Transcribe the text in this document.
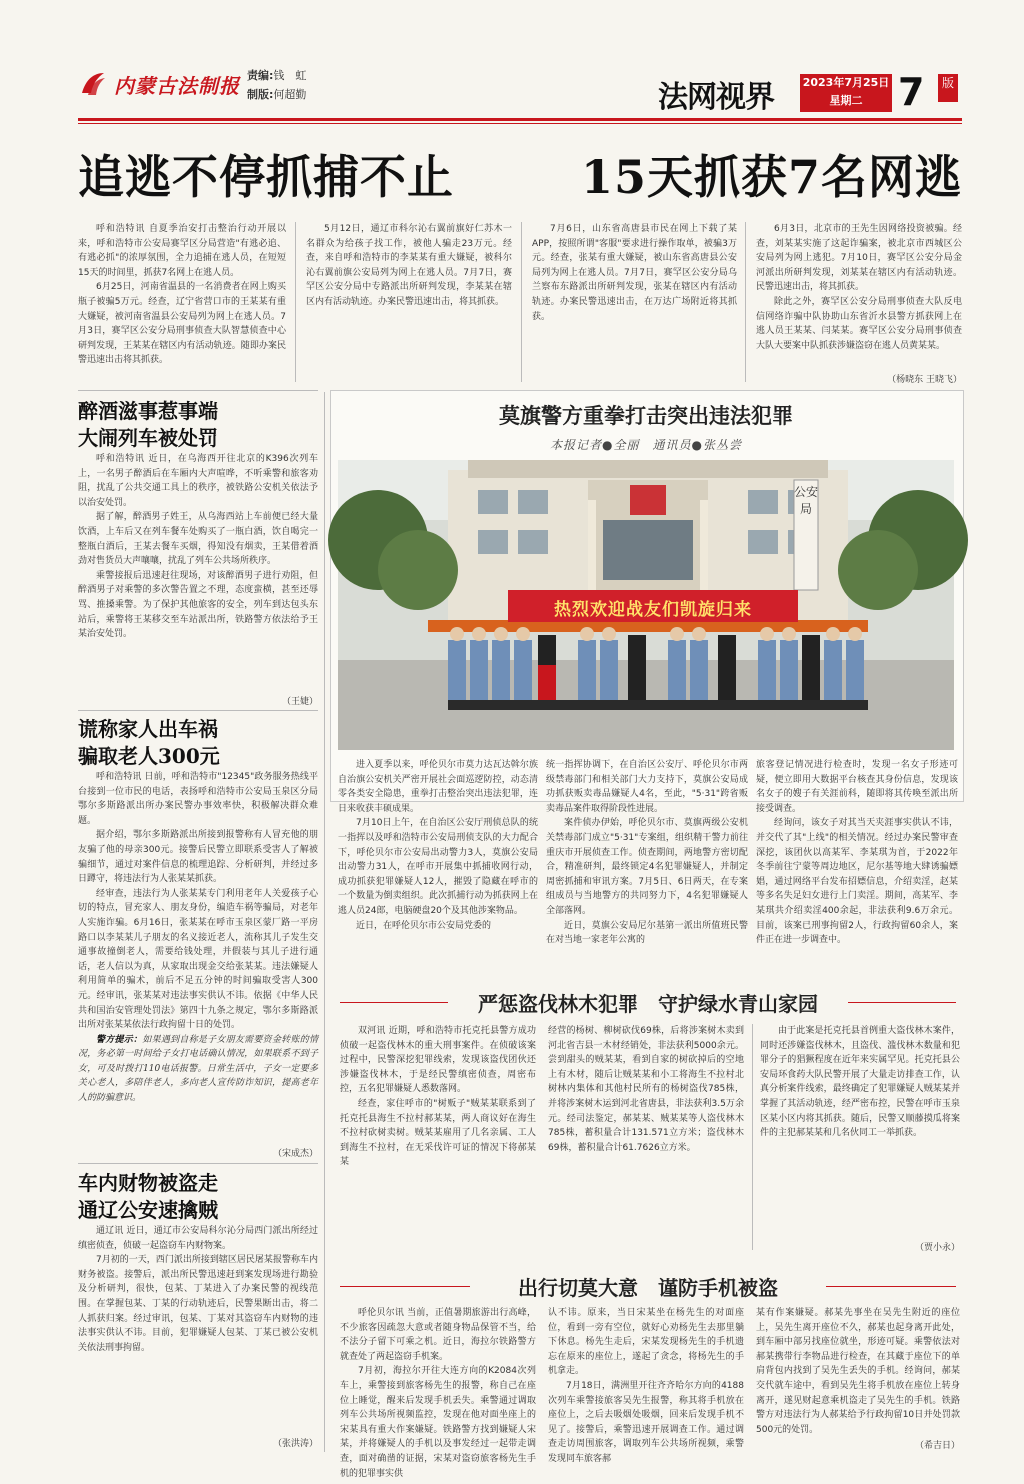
内蒙古法制报 责编:钱　虹
制版:何超勤	法网视界	2023年7月25日
星期二 7	版
追逃不停抓捕不止	15天抓获7名网逃

呼和浩特讯 自夏季治安打击整治行动开展以来，呼和浩特市公安局赛罕区分局营造"有逃必追、有逃必抓"的浓厚氛围，全力追捕在逃人员，在短短15天的时间里，抓获7名网上在逃人员。

6月25日，河南省温县的一名消费者在网上购买瓶子被骗5万元。经查，辽宁省营口市的王某某有重大嫌疑，被河南省温县公安局列为网上在逃人员。7月3日，赛罕区公安分局刑事侦查大队智慧侦查中心研判发现，王某某在辖区内有活动轨迹。随即办案民警迅速出击将其抓获。

5月12日，通辽市科尔沁右翼前旗好仁苏木一名群众为给孩子找工作，被他人骗走23万元。经查，来自呼和浩特市的李某某有重大嫌疑，被科尔沁右翼前旗公安局列为网上在逃人员。7月7日，赛罕区公安分局中专路派出所研判发现，李某某在辖区内有活动轨迹。办案民警迅速出击，将其抓获。

7月6日，山东省高唐县市民在网上下载了某APP，按照所谓"客服"要求进行操作取单，被骗3万元。经查，张某有重大嫌疑，被山东省高唐县公安局列为网上在逃人员。7月7日，赛罕区公安分局乌兰察布东路派出所研判发现，张某在辖区内有活动轨迹。办案民警迅速出击，在万达广场附近将其抓获。

6月3日，北京市的王先生因网络投资被骗。经查，刘某某实施了这起诈骗案，被北京市西城区公安局列为网上逃犯。7月10日，赛罕区公安分局金河派出所研判发现，刘某某在辖区内有活动轨迹。民警迅速出击，将其抓获。

除此之外，赛罕区公安分局刑事侦查大队反电信网络诈骗中队协助山东省沂水县警方抓获网上在逃人员王某某、闫某某。赛罕区公安分局刑事侦查大队大要案中队抓获涉嫌盗窃在逃人员黄某某。

（杨晓东 王晓飞）
醉酒滋事惹事端
大闹列车被处罚

呼和浩特讯 近日，在乌海西开往北京的K396次列车上，一名男子醉酒后在车厢内大声喧哗，不听乘警和旅客劝阻，扰乱了公共交通工具上的秩序，被铁路公安机关依法予以治安处罚。

据了解，醉酒男子姓王，从乌海西站上车前便已经大量饮酒，上车后又在列车餐车处购买了一瓶白酒，饮自喝完一整瓶白酒后，王某去餐车买烟，得知没有烟卖，王某借着酒劲对售货员大声嚷嚷，扰乱了列车公共场所秩序。

乘警接报后迅速赶往现场，对该醉酒男子进行劝阻，但醉酒男子对乘警的多次警告置之不理，态度蛮横，甚至还辱骂、推搡乘警。为了保护其他旅客的安全，列车到达包头东站后，乘警将王某移交至车站派出所，铁路警方依法给予王某治安处罚。

（王婕）
谎称家人出车祸
骗取老人300元

呼和浩特讯 日前，呼和浩特市"12345"政务服务热线平台接到一位市民的电话，表扬呼和浩特市公安局玉泉区分局鄂尔多斯路派出所办案民警办事效率快，积极解决群众难题。

据介绍，鄂尔多斯路派出所接到报警称有人冒充他的朋友骗了他的母亲300元。接警后民警立即联系受害人了解被骗细节，通过对案件信息的梳理追踪、分析研判，并经过多日蹲守，将违法行为人张某某抓获。

经审查，违法行为人张某某专门利用老年人关爱孩子心切的特点，冒充家人、朋友身份，编造车祸等骗局，对老年人实施诈骗。6月16日，张某某在呼市玉泉区蒙厂路一平房路口以李某某儿子朋友的名义接近老人，流称其儿子发生交通事故撞倒老人，需要给钱处理，并假装与其儿子进行通话，老人信以为真，从家取出现金交给张某某。违法嫌疑人利用简单的骗术，前后不足五分钟的时间骗取受害人300元。经审讯，张某某对违法事实供认不讳。依据《中华人民共和国治安管理处罚法》第四十九条之规定，鄂尔多斯路派出所对张某某依法行政拘留十日的处罚。

警方提示：如果遇到自称是子女朋友需要资金转账的情况，务必第一时间给子女打电话确认情况，如果联系不到子女，可及时拨打110电话报警。日常生活中，子女一定要多关心老人，多陪伴老人，多向老人宣传防诈知识，提高老年人的防骗意识。

（宋成杰）
车内财物被盗走
通辽公安速擒贼

通辽讯 近日，通辽市公安局科尔沁分局西门派出所经过缜密侦查，侦破一起盗窃车内财物案。

7月初的一天，西门派出所接到辖区居民屠某报警称车内财务被盗。接警后，派出所民警迅速赶到案发现场进行勘验及分析研判，很快，包某、丁某进入了办案民警的视线范围。在掌握包某、丁某的行动轨迹后，民警果断出击，将二人抓获归案。经过审讯，包某、丁某对其盗窃车内财物的违法事实供认不讳。目前，犯罪嫌疑人包某、丁某已被公安机关依法刑事拘留。

（张洪涛）
莫旗警方重拳打击突出违法犯罪
本报记者●全丽　通讯员●张丛尝
热烈欢迎战友们凯旋归来
公安局

进入夏季以来，呼伦贝尔市莫力达瓦达斡尔族自治旗公安机关严密开展社会面巡逻防控，动态清零各类安全隐患，重拳打击整治突出违法犯罪，连日来收获丰硕成果。

7月10日上午，在自治区公安厅刑侦总队的统一指挥以及呼和浩特市公安局刑侦支队的大力配合下，呼伦贝尔市公安局出动警力3人，莫旗公安局出动警力31人，在呼市开展集中抓捕收网行动，成功抓获犯罪嫌疑人12人，摧毁了隐藏在呼市的一个数量为倒卖组织。此次抓捕行动为抓获网上在逃人员24郎，电脑硬盘20个及其他涉案物品。

近日，在呼伦贝尔市公安局党委的

统一指挥协调下，在自治区公安厅、呼伦贝尔市两级禁毒部门和相关部门大力支持下，莫旗公安局成功抓获贩卖毒品嫌疑人4名，至此，"5·31"跨省贩卖毒品案件取得阶段性进展。

案件侦办伊始，呼伦贝尔市、莫旗两级公安机关禁毒部门成立"5·31"专案组，组织精干警力前往重庆市开展侦查工作。侦查期间，两地警方密切配合，精准研判，最终锁定4名犯罪嫌疑人，并制定周密抓捕和审讯方案。7月5日、6日两天，在专案组成员与当地警方的共同努力下，4名犯罪嫌疑人全部落网。

近日，莫旗公安局尼尔基第一派出所值班民警在对当地一家老年公寓的

旅客登记情况进行检查时，发现一名女子形迹可疑，便立即用大数据平台核查其身份信息，发现该名女子的嫂子有关涯前科，随即将其传唤至派出所接受调查。

经询问，该女子对其当天夹涯事实供认不讳，并交代了其"上线"的相关情况。经过办案民警审查深挖，该团伙以高某军、李某琪为首，于2022年冬季前往宁蒙等周边地区，尼尔基等地大肆诱骗嫖娼，通过网络平台发布招嫖信息，介绍卖淫，赵某等多名失足妇女进行上门卖淫。期间，高某军、李某琪共介绍卖淫400余起，非法获利9.6万余元。目前，该案已刑事拘留2人，行政拘留60余人，案件正在进一步调查中。

严惩盗伐林木犯罪　守护绿水青山家园

双河讯 近期，呼和浩特市托克托县警方成功侦破一起盗伐林木的重大刑事案件。在侦破该案过程中，民警深挖犯罪线索，发现该盗伐团伙还涉嫌盗伐林木，于是经民警缜密侦查，周密布控，五名犯罪嫌疑人悉数落网。

经查，家住呼市的"树贩子"贼某某联系到了托克托县海生不拉村郝某某，两人商议好在海生不拉村砍树卖树。贼某某雇用了几名亲属、工人到海生不拉村，在无采伐许可证的情况下将郝某某

经营的杨树、柳树砍伐69株，后将涉案树木卖到河北省吉县一木材经销处，非法获利5000余元。尝到甜头的贼某某，看到自家的树砍掉后的空地上有木材，随后让贼某某和小工将海生不拉村北树林内集体和其他村民所有的杨树盗伐785株，并将涉案树木运到河北省唐县，非法获利3.5万余元。经司法鉴定，郝某某、贼某某等人盗伐林木785株，蓄积量合计131.571立方米；盗伐林木69株，蓄积量合计61.7626立方米。

由于此案是托克托县首例重大盗伐林木案件，同时还涉嫌盗伐林木，且盗伐、滥伐林木数量和犯罪分子的猖獗程度在近年来实属罕见。托克托县公安局环食药大队民警开展了大量走访排查工作，认真分析案件线索，最终确定了犯罪嫌疑人贼某某并掌握了其活动轨迹，经严密布控，民警在呼市玉泉区某小区内将其抓获。随后，民警又顺藤摸瓜将案件的主犯郝某某和几名伙同工一举抓获。

（贾小永）
出行切莫大意　谨防手机被盗

呼伦贝尔讯 当前，正值暑期旅游出行高峰，不少旅客因疏忽大意或者随身物品保管不当，给不法分子留下可乘之机。近日，海拉尔铁路警方就查处了两起盗窃手机案。

7月初，海拉尔开往大连方向的K2084次列车上，乘警接到旅客杨先生的报警，称自己在座位上睡觉，醒来后发现手机丢失。乘警通过调取列车公共场所视频监控，发现在他对面坐座上的宋某具有重大作案嫌疑。铁路警方找到嫌疑人宋某，并将嫌疑人的手机以及事发经过一起带走调查，面对确凿的证据，宋某对盗窃旅客杨先生手机的犯罪事实供

认不讳。原来，当日宋某坐在杨先生的对面座位，看到一旁有空位，就好心劝杨先生去那里躺下休息。杨先生走后，宋某发现杨先生的手机遗忘在原来的座位上，遂起了贪念，将杨先生的手机拿走。

7月18日，满洲里开往齐齐哈尔方向的4188次列车乘警接旅客吴先生报警，称其将手机放在座位上，之后去吸烟处吸烟，回来后发现手机不见了。接警后，乘警迅速开展调查工作。通过调查走访周围旅客，调取列车公共场所视频，乘警发现同车旅客郝

某有作案嫌疑。郝某先事坐在吴先生附近的座位上，吴先生离开座位不久，郝某也起身离开此处，到车厢中部另找座位就坐，形迹可疑。乘警依法对郝某携带行李物品进行检查，在其藏于座位下的单肩背包内找到了吴先生丢失的手机。经询问，郝某交代就车途中，看到吴先生将手机放在座位上转身离开，遂见财起意乘机盗走了吴先生的手机。铁路警方对违法行为人郝某给予行政拘留10日并处罚款500元的处罚。

（希吉日）
